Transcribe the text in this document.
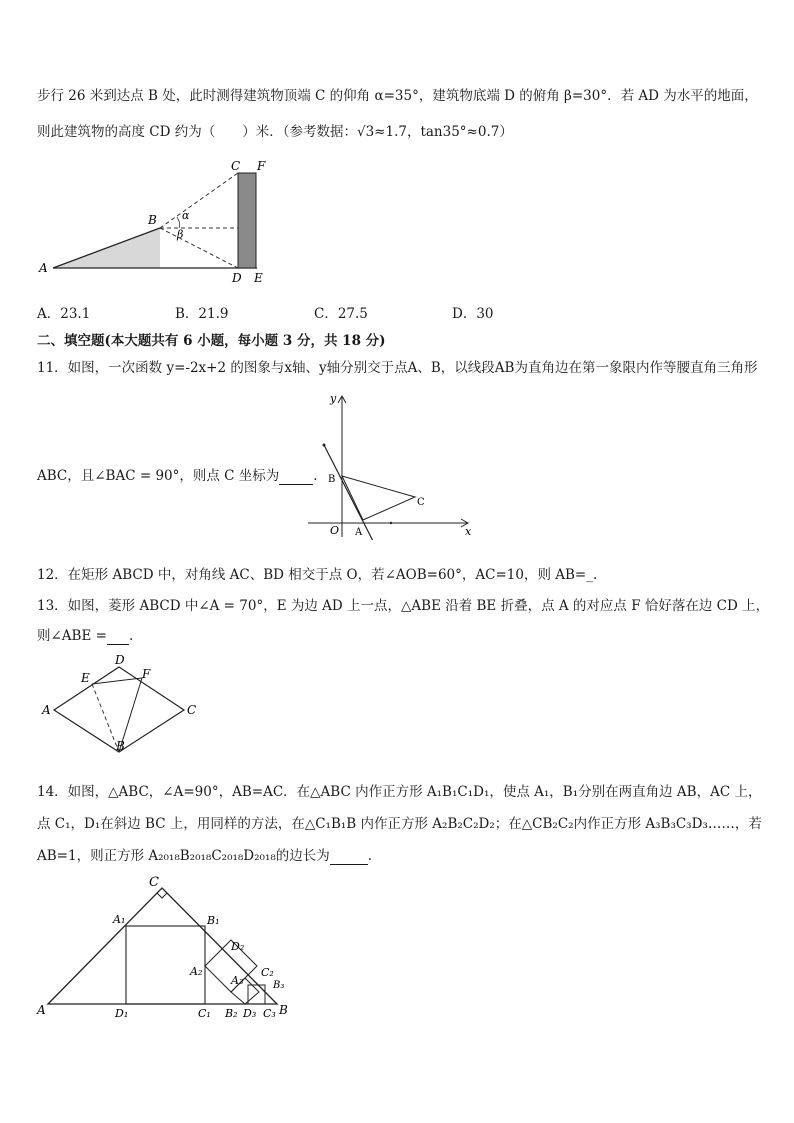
步行 26 米到达点 B 处，此时测得建筑物顶端 C 的仰角 α=35°，建筑物底端 D 的俯角 β=30°．若 AD 为水平的地面，
则此建筑物的高度 CD 约为（　　）米．（参考数据：√3≈1.7，tan35°≈0.7）
A
B
C F
D E
α
β
A．23.1	B．21.9	C．27.5	D．30
二、填空题(本大题共有 6 小题，每小题 3 分，共 18 分)
11．如图，一次函数 y=-2x+2 的图象与x轴、y轴分别交于点A、B，以线段AB为直角边在第一象限内作等腰直角三角形
ABC，且∠BAC = 90°，则点 C 坐标为	.
x
y
O A
B
C
12．在矩形 ABCD 中，对角线 AC、BD 相交于点 O，若∠AOB=60°，AC=10，则 AB=_.
13．如图，菱形 ABCD 中∠A = 70°，E 为边 AD 上一点，△ABE 沿着 BE 折叠，点 A 的对应点 F 恰好落在边 CD 上，
则∠ABE = .
A
D
E	F
C
B
14．如图，△ABC，∠A=90°，AB=AC．在△ABC 内作正方形 A₁B₁C₁D₁，使点 A₁，B₁分别在两直角边 AB，AC 上，
点 C₁，D₁在斜边 BC 上，用同样的方法，在△C₁B₁B 内作正方形 A₂B₂C₂D₂；在△CB₂C₂内作正方形 A₃B₃C₃D₃……，若
AB=1，则正方形 A₂₀₁₈B₂₀₁₈C₂₀₁₈D₂₀₁₈的边长为	.
C
A	B
A₁	B₁
D₁	C₁
D₂
A₂
B₂
C₂
A₃	B₃
D₃ C₃
